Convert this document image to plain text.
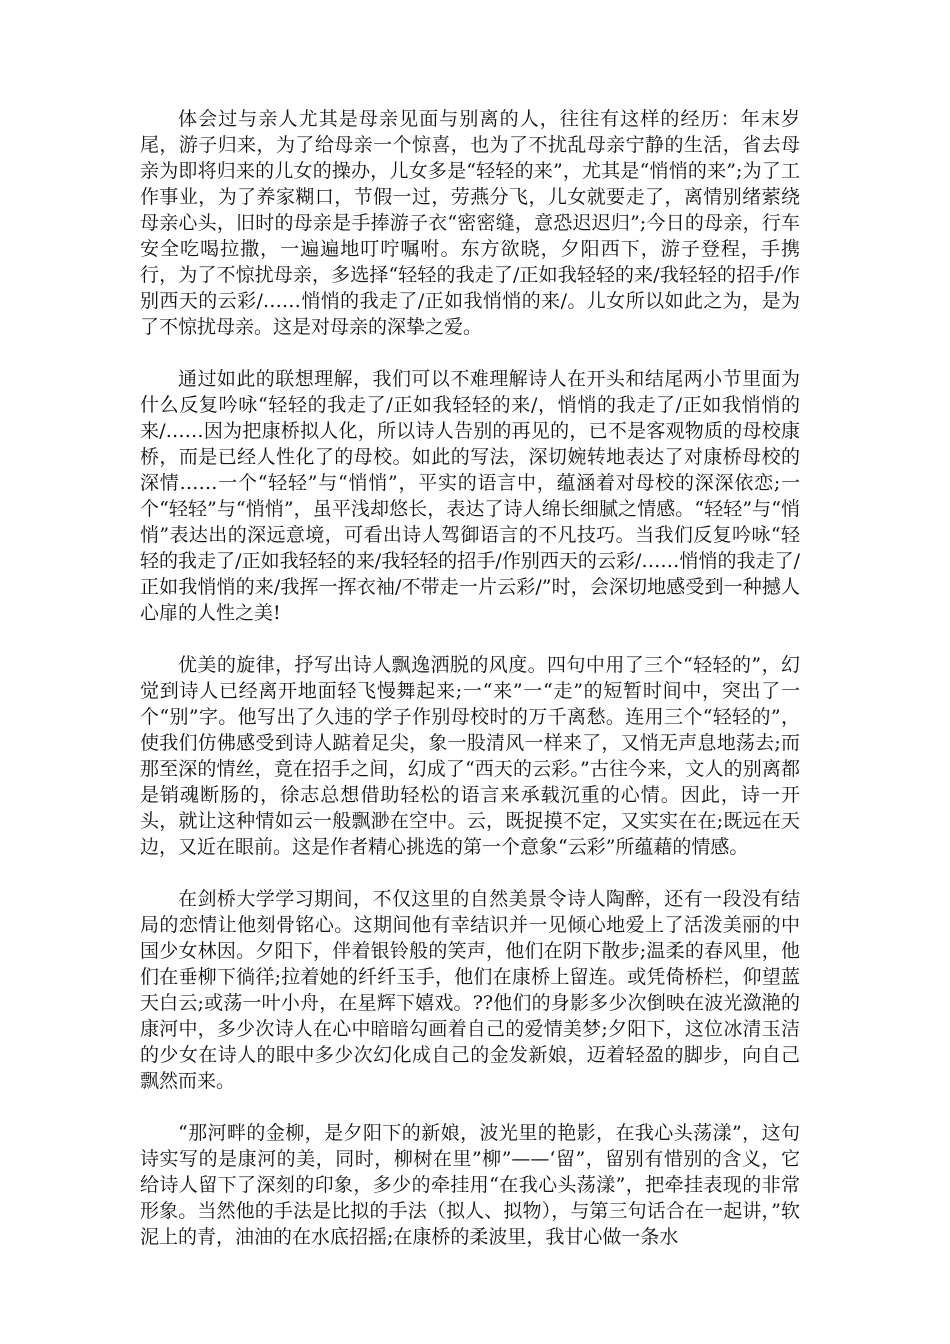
体会过与亲人尤其是母亲见面与别离的人，往往有这样的经历：年末岁尾，游子归来，为了给母亲一个惊喜，也为了不扰乱母亲宁静的生活，省去母亲为即将归来的儿女的操办，儿女多是“轻轻的来”，尤其是“悄悄的来”;为了工作事业，为了养家糊口，节假一过，劳燕分飞，儿女就要走了，离情别绪萦绕母亲心头，旧时的母亲是手捧游子衣“密密缝，意恐迟迟归”;今日的母亲，行车安全吃喝拉撒，一遍遍地叮咛嘱咐。东方欲晓，夕阳西下，游子登程，手携行，为了不惊扰母亲，多选择“轻轻的我走了/正如我轻轻的来/我轻轻的招手/作别西天的云彩/……悄悄的我走了/正如我悄悄的来/。儿女所以如此之为，是为了不惊扰母亲。这是对母亲的深挚之爱。

通过如此的联想理解，我们可以不难理解诗人在开头和结尾两小节里面为什么反复吟咏“轻轻的我走了/正如我轻轻的来/，悄悄的我走了/正如我悄悄的来/……因为把康桥拟人化，所以诗人告别的再见的，已不是客观物质的母校康桥，而是已经人性化了的母校。如此的写法，深切婉转地表达了对康桥母校的深情……一个“轻轻”与“悄悄”，平实的语言中，蕴涵着对母校的深深依恋;一个“轻轻”与“悄悄”，虽平浅却悠长，表达了诗人绵长细腻之情感。“轻轻”与“悄悄”表达出的深远意境，可看出诗人驾御语言的不凡技巧。当我们反复吟咏“轻轻的我走了/正如我轻轻的来/我轻轻的招手/作别西天的云彩/……悄悄的我走了/正如我悄悄的来/我挥一挥衣袖/不带走一片云彩/”时，会深切地感受到一种撼人心扉的人性之美!

优美的旋律，抒写出诗人飘逸洒脱的风度。四句中用了三个“轻轻的”，幻觉到诗人已经离开地面轻飞慢舞起来;一“来”一“走”的短暂时间中，突出了一个“别”字。他写出了久违的学子作别母校时的万千离愁。连用三个“轻轻的”，使我们仿佛感受到诗人踮着足尖，象一股清风一样来了，又悄无声息地荡去;而那至深的情丝，竟在招手之间，幻成了“西天的云彩。”古往今来，文人的别离都是销魂断肠的，徐志总想借助轻松的语言来承载沉重的心情。因此，诗一开头，就让这种情如云一般飘渺在空中。云，既捉摸不定，又实实在在;既远在天边，又近在眼前。这是作者精心挑选的第一个意象“云彩”所蕴藉的情感。

在剑桥大学学习期间，不仅这里的自然美景令诗人陶醉，还有一段没有结局的恋情让他刻骨铭心。这期间他有幸结识并一见倾心地爱上了活泼美丽的中国少女林因。夕阳下，伴着银铃般的笑声，他们在阴下散步;温柔的春风里，他们在垂柳下徜徉;拉着她的纤纤玉手，他们在康桥上留连。或凭倚桥栏，仰望蓝天白云;或荡一叶小舟，在星辉下嬉戏。??他们的身影多少次倒映在波光潋滟的康河中，多少次诗人在心中暗暗勾画着自己的爱情美梦;夕阳下，这位冰清玉洁的少女在诗人的眼中多少次幻化成自己的金发新娘，迈着轻盈的脚步，向自己飘然而来。

“那河畔的金柳，是夕阳下的新娘，波光里的艳影，在我心头荡漾”，这句诗实写的是康河的美，同时，柳树在里”柳”——‘留”，留别有惜别的含义，它给诗人留下了深刻的印象，多少的牵挂用“在我心头荡漾”，把牵挂表现的非常形象。当然他的手法是比拟的手法（拟人、拟物），与第三句话合在一起讲，”软泥上的青，油油的在水底招摇;在康桥的柔波里，我甘心做一条水
